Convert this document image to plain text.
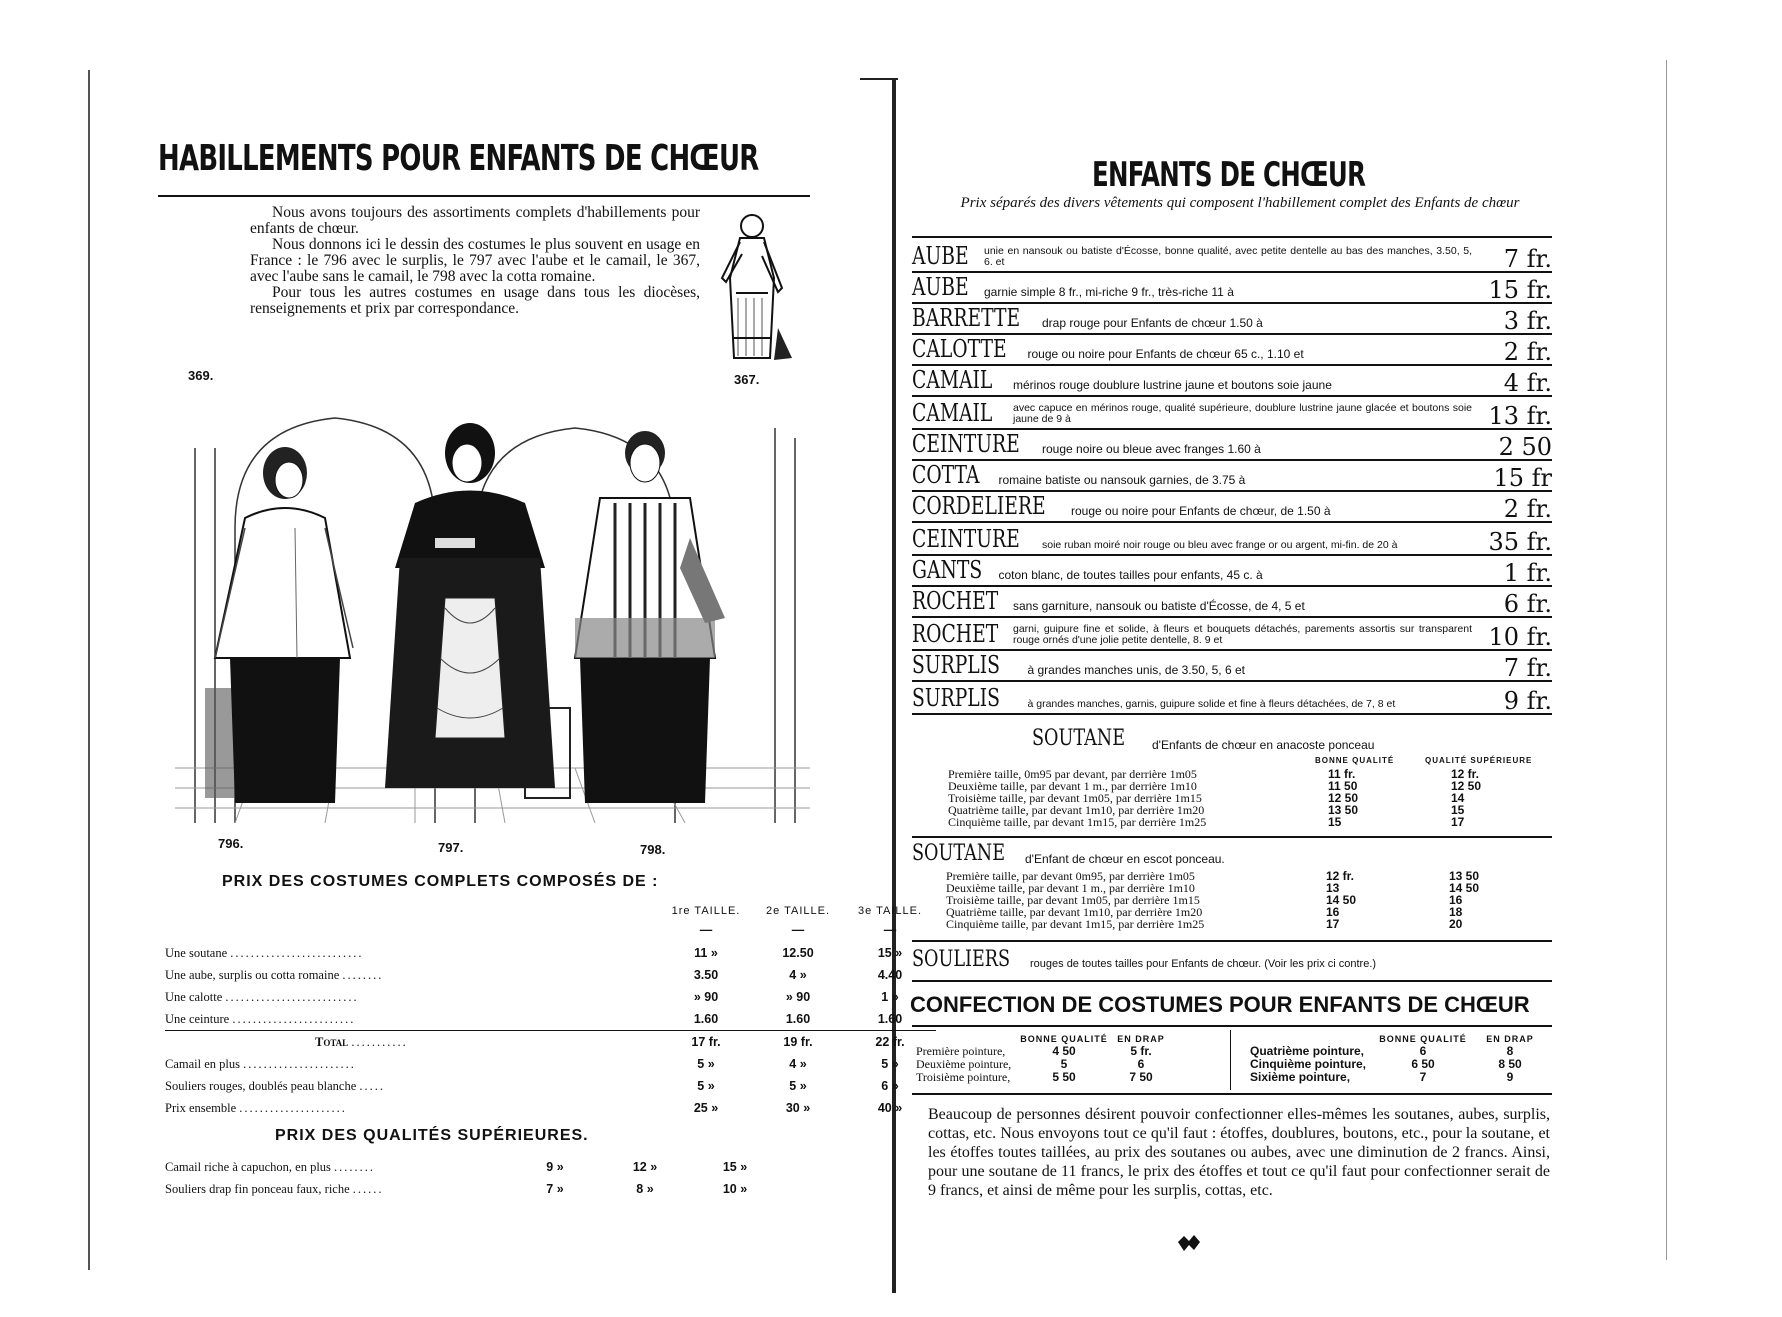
HABILLEMENTS POUR ENFANTS DE CHŒUR

Nous avons toujours des assortiments complets d'habillements pour enfants de chœur.

Nous donnons ici le dessin des costumes le plus souvent en usage en France : le 796 avec le surplis, le 797 avec l'aube et le camail, le 367, avec l'aube sans le camail, le 798 avec la cotta romaine.

Pour tous les autres costumes en usage dans tous les diocèses, renseignements et prix par correspondance.

369.	367.
796.	797.	798.
PRIX DES COSTUMES COMPLETS COMPOSÉS DE :
	1re TAILLE.	2e TAILLE.	3e TAILLE.
	—	—	—
Une soutane ..........................	11 »	12.50	15 »
Une aube, surplis ou cotta romaine ........	3.50	4 »	4.40
Une calotte ..........................	» 90	» 90	1 »
Une ceinture ........................	1.60	1.60	1.60
Total ...........	17 fr.	19 fr.	22 fr.
Camail en plus ......................	5 »	4 »	5 »
Souliers rouges, doublés peau blanche .....	5 »	5 »	6 »
Prix ensemble .....................	25 »	30 »	40 »
PRIX DES QUALITÉS SUPÉRIEURES.
Camail riche à capuchon, en plus ........	9 »	12 »	15 »
Souliers drap fin ponceau faux, riche ......	7 »	8 »	10 »
ENFANTS DE CHŒUR
Prix séparés des divers vêtements qui composent l'habillement complet des Enfants de chœur
AUBE unie en nansouk ou batiste d'Écosse, bonne qualité, avec petite dentelle au bas des manches, 3.50, 5, 6. et	7 fr.
AUBE garnie simple 8 fr., mi-riche 9 fr., très-riche 11 à	15 fr.
BARRETTE drap rouge pour Enfants de chœur 1.50 à	3 fr.
CALOTTE rouge ou noire pour Enfants de chœur 65 c., 1.10 et	2 fr.
CAMAIL mérinos rouge doublure lustrine jaune et boutons soie jaune	4 fr.
CAMAIL avec capuce en mérinos rouge, qualité supérieure, doublure lustrine jaune glacée et boutons soie jaune de 9 à	13 fr.
CEINTURE rouge noire ou bleue avec franges 1.60 à	2 50
COTTA romaine batiste ou nansouk garnies, de 3.75 à	15 fr
CORDELIERE rouge ou noire pour Enfants de chœur, de 1.50 à	2 fr.
CEINTURE soie ruban moiré noir rouge ou bleu avec frange or ou argent, mi-fin. de 20 à	35 fr.
GANTS coton blanc, de toutes tailles pour enfants, 45 c. à	1 fr.
ROCHET sans garniture, nansouk ou batiste d'Écosse, de 4, 5 et	6 fr.
ROCHET garni, guipure fine et solide, à fleurs et bouquets détachés, parements assortis sur transparent rouge ornés d'une jolie petite dentelle, 8. 9 et	10 fr.
SURPLIS à grandes manches unis, de 3.50, 5, 6 et	7 fr.
SURPLIS	à grandes manches, garnis, guipure solide et fine à fleurs détachées, de 7, 8 et	9 fr.
SOUTANE d'Enfants de chœur en anacoste ponceau
BONNE QUALITÉ	QUALITÉ SUPÉRIEURE
Première taille, 0m95 par devant, par derrière 1m05	11 fr.	12 fr.
Deuxième taille, par devant 1 m., par derrière 1m10	11 50	12 50
Troisième taille, par devant 1m05, par derrière 1m15	12 50	14
Quatrième taille, par devant 1m10, par derrière 1m20	13 50	15
Cinquième taille, par devant 1m15, par derrière 1m25	15	17
SOUTANE d'Enfant de chœur en escot ponceau.
Première taille, par devant 0m95, par derrière 1m05	12 fr.	13 50
Deuxième taille, par devant 1 m., par derrière 1m10	13	14 50
Troisième taille, par devant 1m05, par derrière 1m15	14 50	16
Quatrième taille, par devant 1m10, par derrière 1m20	16	18
Cinquième taille, par devant 1m15, par derrière 1m25	17	20
SOULIERS rouges de toutes tailles pour Enfants de chœur. (Voir les prix ci contre.)
CONFECTION DE COSTUMES POUR ENFANTS DE CHŒUR
	BONNE QUALITÉ	EN DRAP
Première pointure,	4 50	5 fr.
Deuxième pointure,	5	6
Troisième pointure,	5 50	7 50
	BONNE QUALITÉ	EN DRAP
Quatrième pointure,	6	8
Cinquième pointure,	6 50	8 50
Sixième pointure,	7	9
Beaucoup de personnes désirent pouvoir confectionner elles-mêmes les soutanes, aubes, surplis, cottas, etc. Nous envoyons tout ce qu'il faut : étoffes, doublures, boutons, etc., pour la soutane, et les étoffes toutes taillées, au prix des soutanes ou aubes, avec une diminution de 2 francs. Ainsi, pour une soutane de 11 francs, le prix des étoffes et tout ce qu'il faut pour confectionner serait de 9 francs, et ainsi de même pour les surplis, cottas, etc.
